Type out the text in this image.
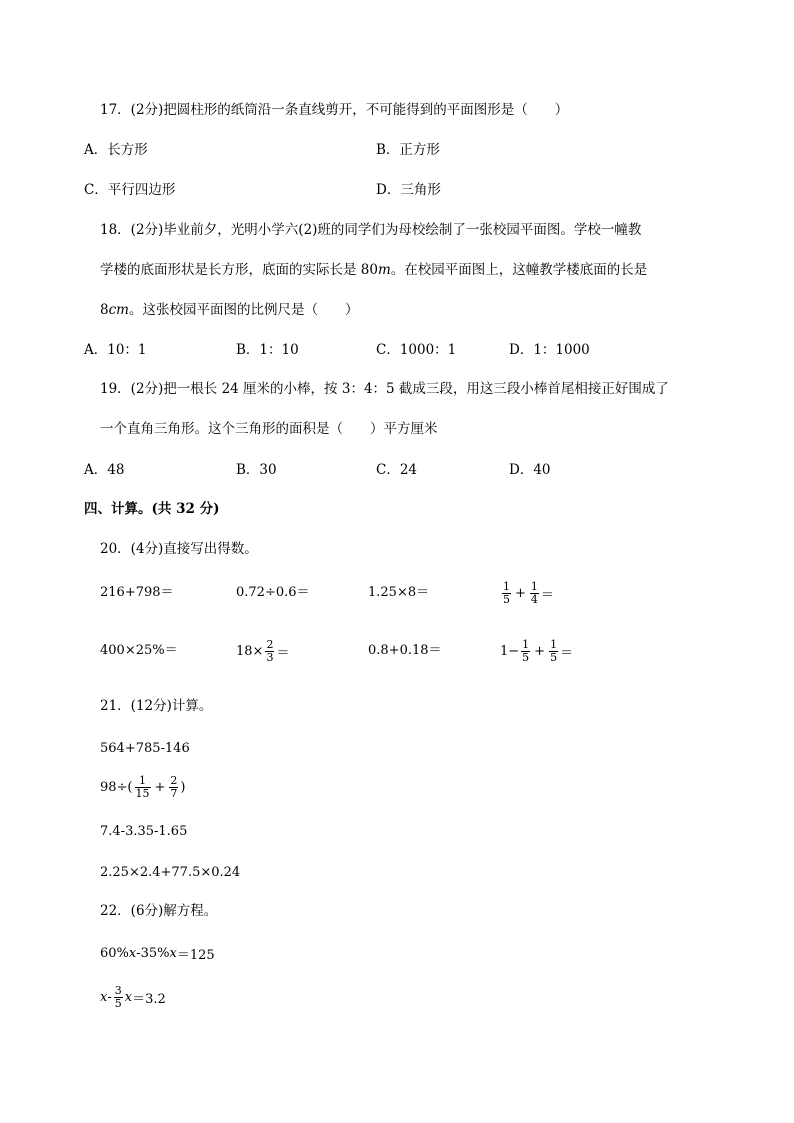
17．(2分)把圆柱形的纸筒沿一条直线剪开，不可能得到的平面图形是（　　）
A．长方形	B．正方形
C．平行四边形	D．三角形
18．(2分)毕业前夕，光明小学六(2)班的同学们为母校绘制了一张校园平面图。学校一幢教
学楼的底面形状是长方形，底面的实际长是 80m。在校园平面图上，这幢教学楼底面的长是
8cm。这张校园平面图的比例尺是（　　）
A．10：1	B．1：10	C．1000：1	D．1：1000
19．(2分)把一根长 24 厘米的小棒，按 3：4：5 截成三段，用这三段小棒首尾相接正好围成了
一个直角三角形。这个三角形的面积是（　　）平方厘米
A．48	B．30	C．24	D．40
四、计算。(共 32 分)
20．(4分)直接写出得数。
216+798＝	0.72÷0.6＝	1.25×8＝	$\frac{1}{5} + \frac{1}{4}$ ＝
400×25%＝	$18\times \frac{2}{3}$ ＝	0.8+0.18＝	$1- \frac{1}{5} + \frac{1}{5}$ ＝
21．(12分)计算。
564+785-146
$98\div( \frac{1}{15} + \frac{2}{7}$ )
7.4-3.35-1.65
2.25×2.4+77.5×0.24
22．(6分)解方程。
60% x -35% x ＝125
x - $\frac{3}{5}$ x ＝3.2
